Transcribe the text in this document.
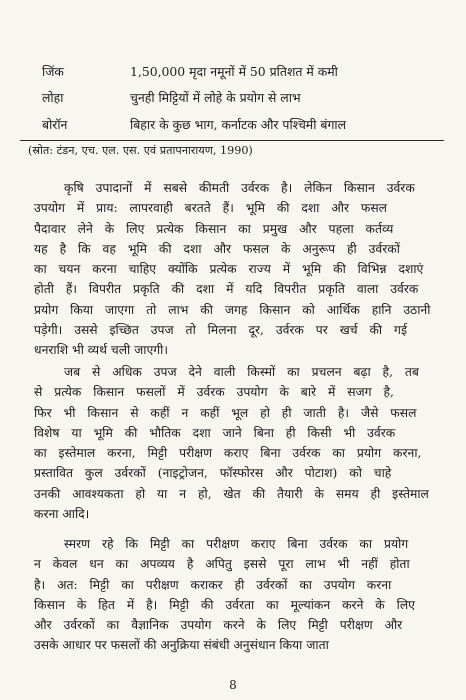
जिंक	1,50,000 मृदा नमूनों में 50 प्रतिशत में कमी
लोहा	चुनही मिट्टियों में लोहे के प्रयोग से लाभ
बोरॉन	बिहार के कुछ भाग, कर्नाटक और पश्चिमी बंगाल
(स्रोत: टंडन, एच. एल. एस. एवं प्रतापनारायण, 1990)
कृषि उपादानों में सबसे कीमती उर्वरक है। लेकिन किसान उर्वरक
उपयोग में प्राय: लापरवाही बरतते हैं। भूमि की दशा और फसल
पैदावार लेने के लिए प्रत्येक किसान का प्रमुख और पहला कर्तव्य
यह है कि वह भूमि की दशा और फसल के अनुरूप ही उर्वरकों
का चयन करना चाहिए क्योंकि प्रत्येक राज्य में भूमि की विभिन्न दशाएं
होती हैं। विपरीत प्रकृति की दशा में यदि विपरीत प्रकृति वाला उर्वरक
प्रयोग किया जाएगा तो लाभ की जगह किसान को आर्थिक हानि उठानी
पड़ेगी। उससे इच्छित उपज तो मिलना दूर, उर्वरक पर खर्च की गई
धनराशि भी व्यर्थ चली जाएगी।
जब से अधिक उपज देने वाली किस्मों का प्रचलन बढ़ा है, तब
से प्रत्येक किसान फसलों में उर्वरक उपयोग के बारे में सजग है,
फिर भी किसान से कहीं न कहीं भूल हो ही जाती है। जैसे फसल
विशेष या भूमि की भौतिक दशा जाने बिना ही किसी भी उर्वरक
का इस्तेमाल करना, मिट्टी परीक्षण कराए बिना उर्वरक का प्रयोग करना,
प्रस्तावित कुल उर्वरकों (नाइट्रोजन, फॉस्फोरस और पोटाश) को चाहे
उनकी आवश्यकता हो या न हो, खेत की तैयारी के समय ही इस्तेमाल
करना आदि।
स्मरण रहे कि मिट्टी का परीक्षण कराए बिना उर्वरक का प्रयोग
न केवल धन का अपव्यय है अपितु इससे पूरा लाभ भी नहीं होता
है। अत: मिट्टी का परीक्षण कराकर ही उर्वरकों का उपयोग करना
किसान के हित में है। मिट्टी की उर्वरता का मूल्यांकन करने के लिए
और उर्वरकों का वैज्ञानिक उपयोग करने के लिए मिट्टी परीक्षण और
उसके आधार पर फसलों की अनुक्रिया संबंधी अनुसंधान किया जाता
8
